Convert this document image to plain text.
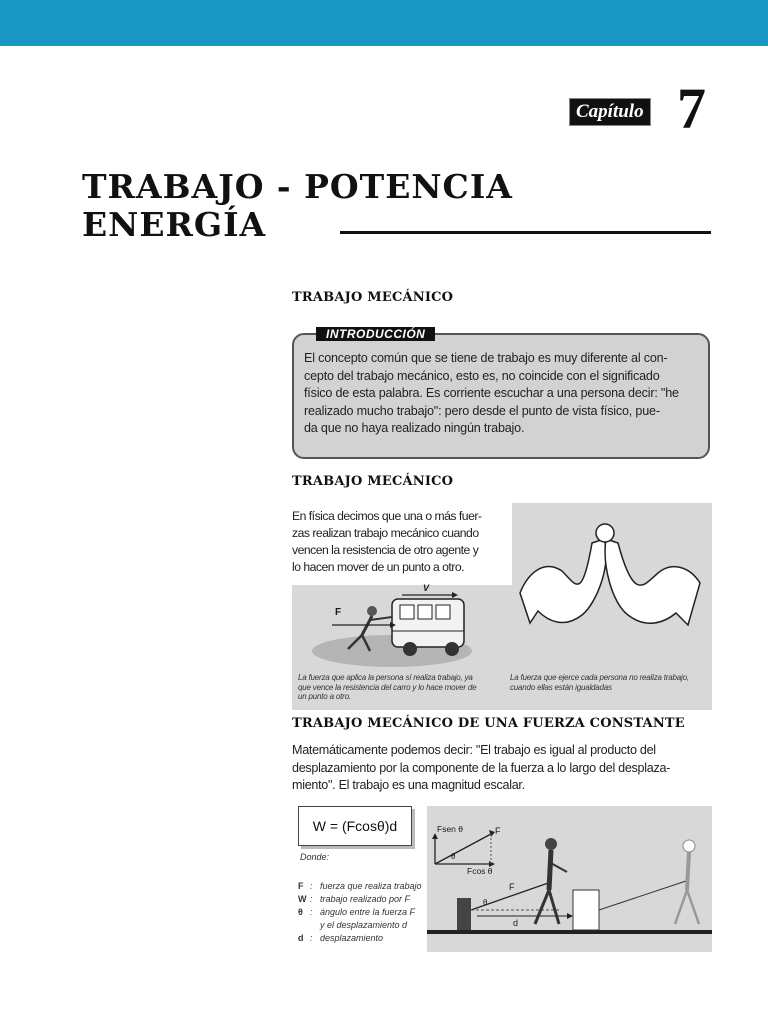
Capítulo 7
TRABAJO - POTENCIA
ENERGÍA
TRABAJO MECÁNICO
INTRODUCCIÓN
El concepto común que se tiene de trabajo es muy diferente al con-
cepto del trabajo mecánico, esto es, no coincide con el significado
físico de esta palabra. Es corriente escuchar a una persona decir: "he
realizado mucho trabajo": pero desde el punto de vista físico, pue-
da que no haya realizado ningún trabajo.
TRABAJO MECÁNICO
F
V
La fuerza que aplica la persona sí realiza trabajo, ya
que vence la resistencia del carro y lo hace mover de
un punto a otro.
La fuerza que ejerce cada persona no realiza trabajo,
cuando ellas están igualdadas
En física decimos que una o más fuer-
zas realizan trabajo mecánico cuando
vencen la resistencia de otro agente y
lo hacen mover de un punto a otro.
TRABAJO MECÁNICO DE UNA FUERZA CONSTANTE
Matemáticamente podemos decir: "El trabajo es igual al producto del
desplazamiento por la componente de la fuerza a lo largo del desplaza-
miento". El trabajo es una magnitud escalar.
W = (Fcosθ)d
Donde:
F : fuerza que realiza trabajo
W : trabajo realizado por F
θ : ángulo entre la fuerza F
y el desplazamiento d
d : desplazamiento
Fsen θ	F
Fcos θ
θ
F
θ
d
